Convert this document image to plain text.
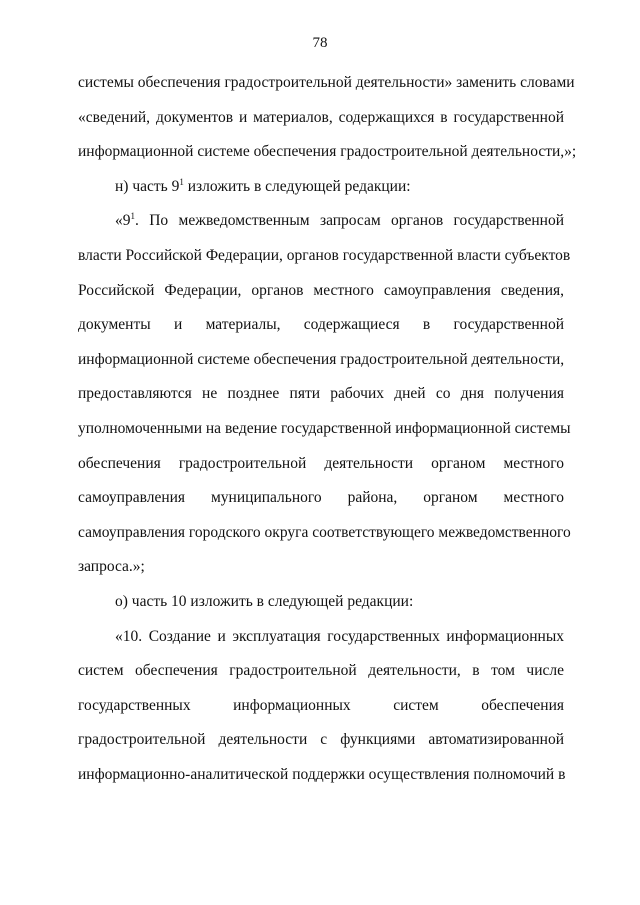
78
системы обеспечения градостроительной деятельности» заменить словами
«сведений, документов и материалов, содержащихся в государственной
информационной системе обеспечения градостроительной деятельности,»;
н) часть $9^1$ изложить в следующей редакции:
«$9^1$. По межведомственным запросам органов государственной
власти Российской Федерации, органов государственной власти субъектов
Российской Федерации, органов местного самоуправления сведения,
документы и материалы, содержащиеся в государственной
информационной системе обеспечения градостроительной деятельности,
предоставляются не позднее пяти рабочих дней со дня получения
уполномоченными на ведение государственной информационной системы
обеспечения градостроительной деятельности органом местного
самоуправления муниципального района, органом местного
самоуправления городского округа соответствующего межведомственного
запроса.»;
о) часть 10 изложить в следующей редакции:
«10. Создание и эксплуатация государственных информационных
систем обеспечения градостроительной деятельности, в том числе
государственных информационных систем обеспечения
градостроительной деятельности с функциями автоматизированной
информационно-аналитической поддержки осуществления полномочий в
